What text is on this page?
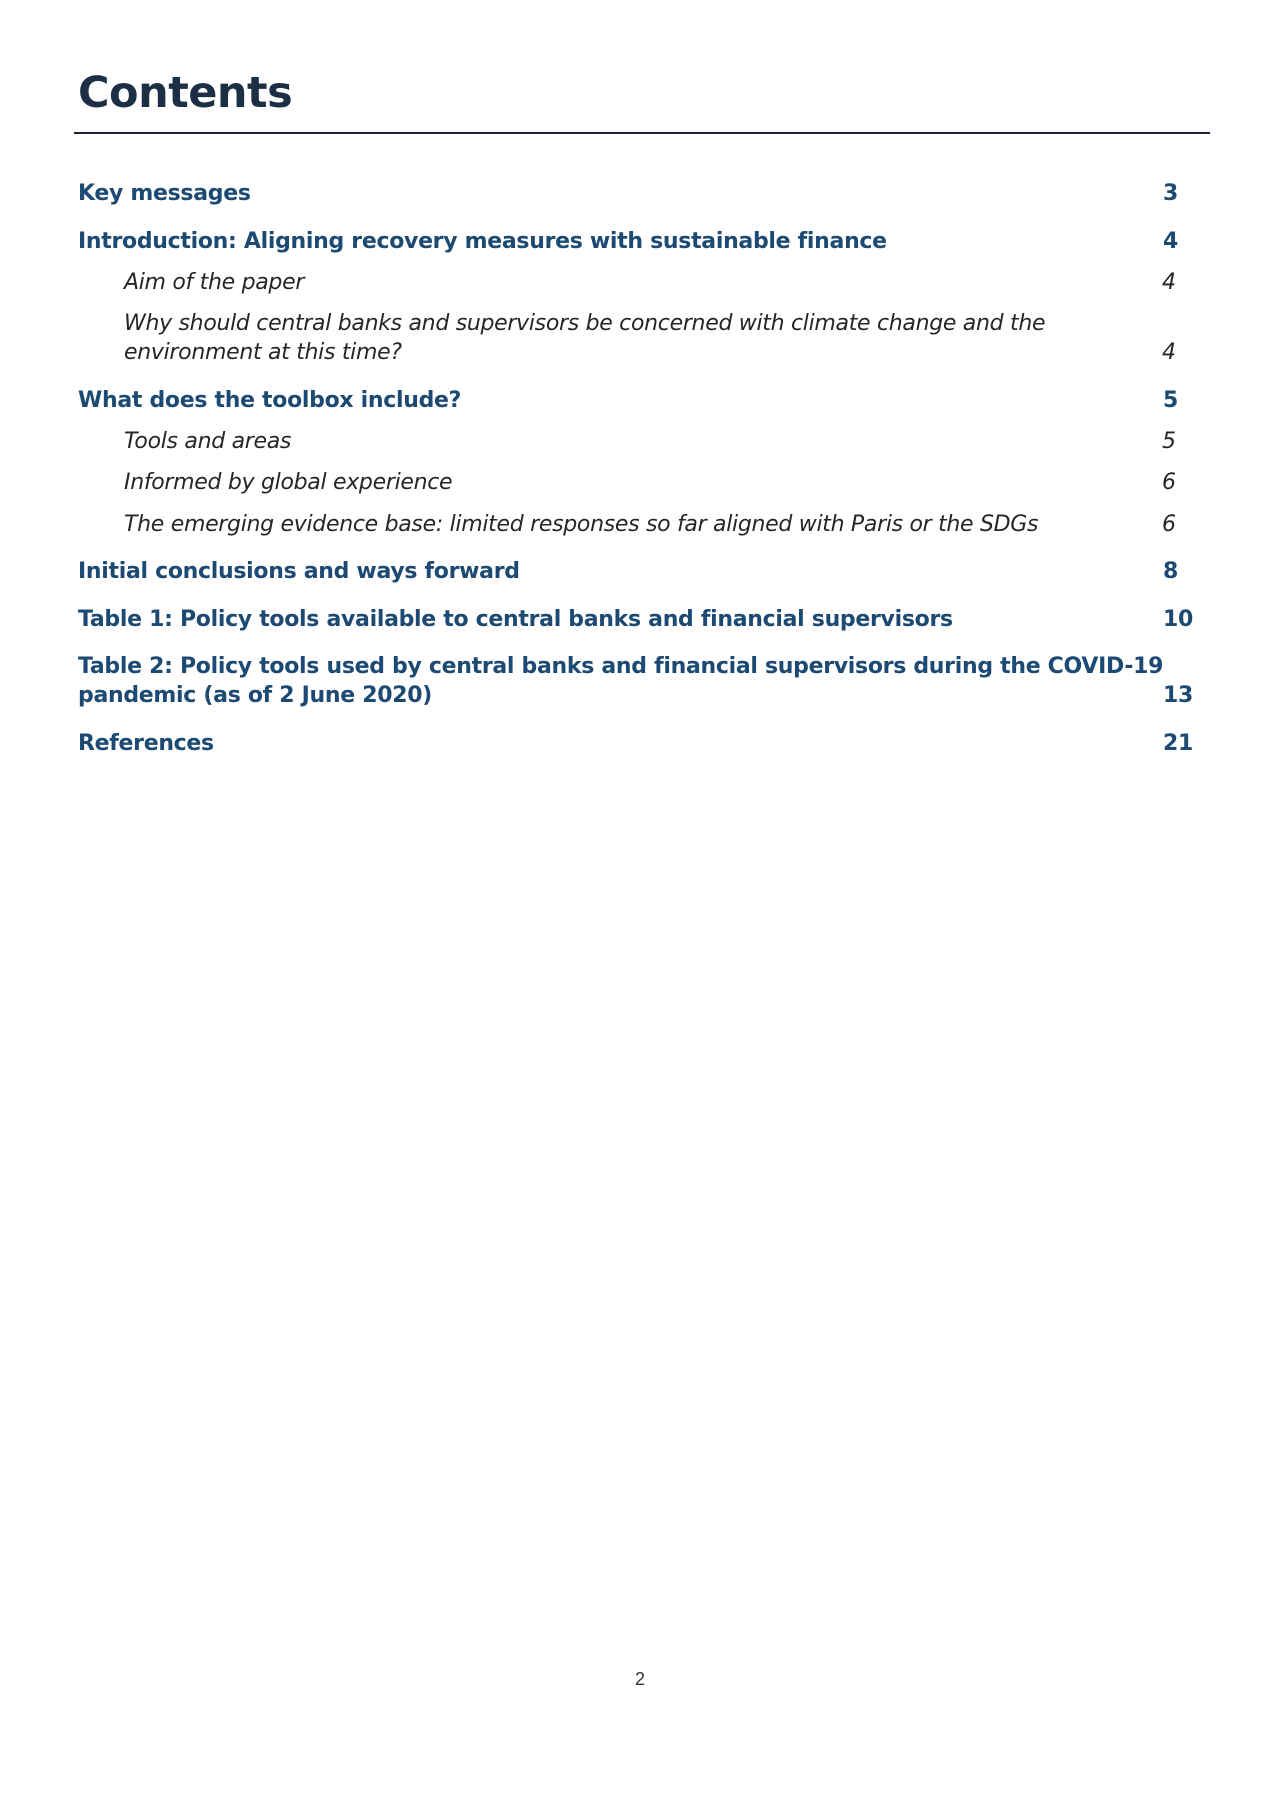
Contents
Key messages	3
Introduction: Aligning recovery measures with sustainable finance	4
Aim of the paper	4
Why should central banks and supervisors be concerned with climate change and the
environment at this time?	4
What does the toolbox include?	5
Tools and areas	5
Informed by global experience	6
The emerging evidence base: limited responses so far aligned with Paris or the SDGs	6
Initial conclusions and ways forward	8
Table 1: Policy tools available to central banks and financial supervisors	10
Table 2: Policy tools used by central banks and financial supervisors during the COVID-19
pandemic (as of 2 June 2020)	13
References	21
2
